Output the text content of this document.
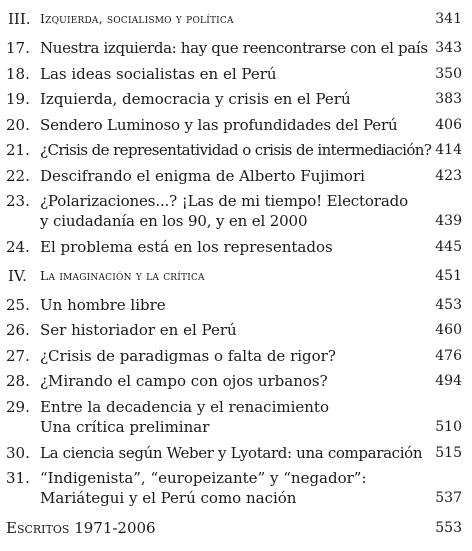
III. Izquierda, socialismo y política	341
17. Nuestra izquierda: hay que reencontrarse con el país 343
18. Las ideas socialistas en el Perú	350
19. Izquierda, democracia y crisis en el Perú	383
20. Sendero Luminoso y las profundidades del Perú	406
21. ¿Crisis de representatividad o crisis de intermediación? 414
22. Descifrando el enigma de Alberto Fujimori	423
23. ¿Polarizaciones...? ¡Las de mi tiempo! Electorado
y ciudadanía en los 90, y en el 2000	439
24. El problema está en los representados	445
IV. La imaginación y la crítica	451
25. Un hombre libre	453
26. Ser historiador en el Perú	460
27. ¿Crisis de paradigmas o falta de rigor?	476
28. ¿Mirando el campo con ojos urbanos?	494
29. Entre la decadencia y el renacimiento
Una crítica preliminar	510
30. La ciencia según Weber y Lyotard: una comparación 515
31. “Indigenista”, “europeizante” y “negador”:
Mariátegui y el Perú como nación	537
Escritos 1971-2006	553
